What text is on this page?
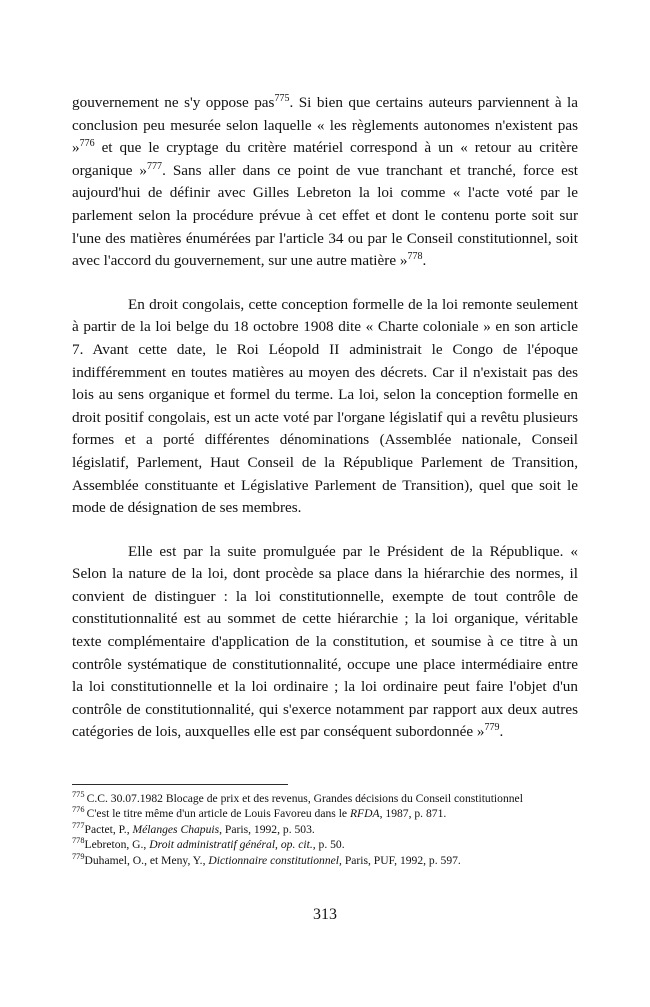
gouvernement ne s'y oppose pas$^{775}$. Si bien que certains auteurs parviennent à la conclusion peu mesurée selon laquelle « les règlements autonomes n'existent pas »$^{776}$ et que le cryptage du critère matériel correspond à un « retour au critère organique »$^{777}$. Sans aller dans ce point de vue tranchant et tranché, force est aujourd'hui de définir avec Gilles Lebreton la loi comme « l'acte voté par le parlement selon la procédure prévue à cet effet et dont le contenu porte soit sur l'une des matières énumérées par l'article 34 ou par le Conseil constitutionnel, soit avec l'accord du gouvernement, sur une autre matière »$^{778}$.

En droit congolais, cette conception formelle de la loi remonte seulement à partir de la loi belge du 18 octobre 1908 dite « Charte coloniale » en son article 7. Avant cette date, le Roi Léopold II administrait le Congo de l'époque indifféremment en toutes matières au moyen des décrets. Car il n'existait pas des lois au sens organique et formel du terme. La loi, selon la conception formelle en droit positif congolais, est un acte voté par l'organe législatif qui a revêtu plusieurs formes et a porté différentes dénominations (Assemblée nationale, Conseil législatif, Parlement, Haut Conseil de la République Parlement de Transition, Assemblée constituante et Législative Parlement de Transition), quel que soit le mode de désignation de ses membres.

Elle est par la suite promulguée par le Président de la République. « Selon la nature de la loi, dont procède sa place dans la hiérarchie des normes, il convient de distinguer : la loi constitutionnelle, exempte de tout contrôle de constitutionnalité est au sommet de cette hiérarchie ; la loi organique, véritable texte complémentaire d'application de la constitution, et soumise à ce titre à un contrôle systématique de constitutionnalité, occupe une place intermédiaire entre la loi constitutionnelle et la loi ordinaire ; la loi ordinaire peut faire l'objet d'un contrôle de constitutionnalité, qui s'exerce notamment par rapport aux deux autres catégories de lois, auxquelles elle est par conséquent subordonnée »$^{779}$.

$^{775}$ C.C. 30.07.1982 Blocage de prix et des revenus, Grandes décisions du Conseil constitutionnel

$^{776}$ C'est le titre même d'un article de Louis Favoreu dans le RFDA, 1987, p. 871.

$^{777}$Pactet, P., Mélanges Chapuis, Paris, 1992, p. 503.

$^{778}$Lebreton, G., Droit administratif général, op. cit., p. 50.

$^{779}$Duhamel, O., et Meny, Y., Dictionnaire constitutionnel, Paris, PUF, 1992, p. 597.

313
